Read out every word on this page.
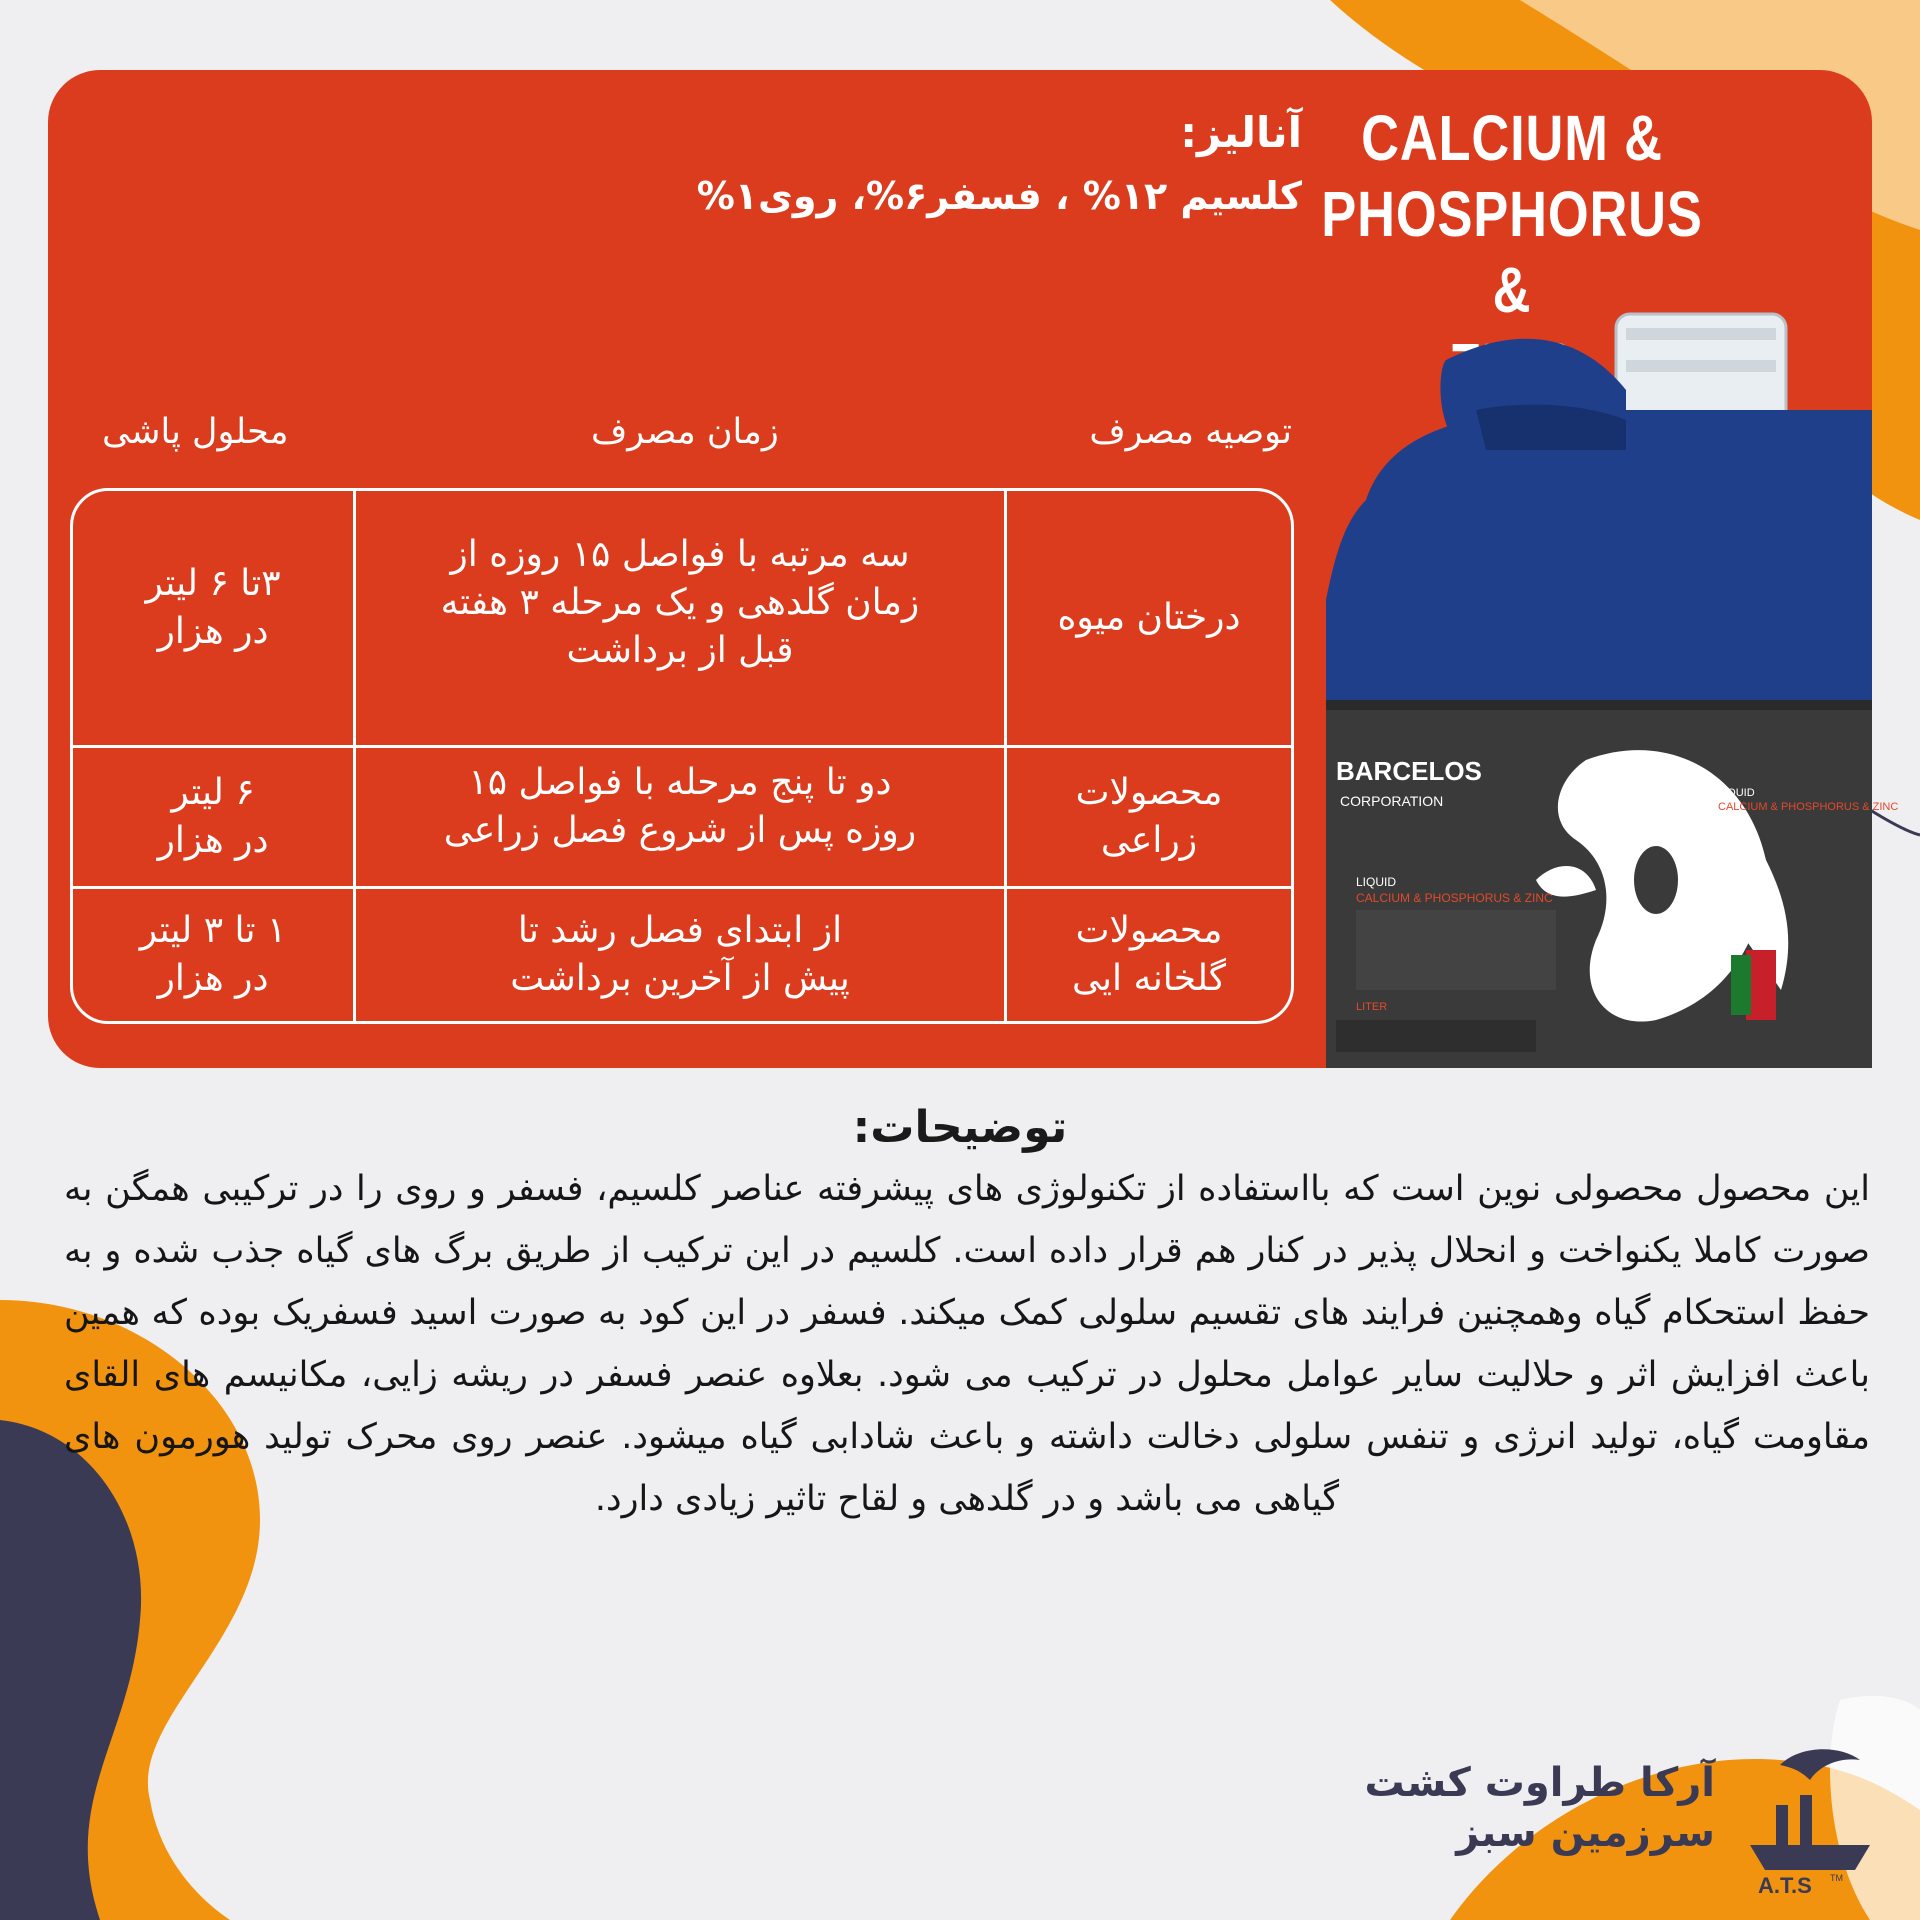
CALCIUM &
PHOSPHORUS &
آنالیز:
کلسیم ۱۲% ، فسفر۶%، روی۱%
توصیه مصرف
زمان مصرف
محلول پاشی
درختان میوه
سه مرتبه با فواصل ۱۵ روزه از زمان گلدهی و یک مرحله ۳ هفته قبل از برداشت
۳تا ۶ لیتر
در هزار
محصولات زراعی
دو تا پنج مرحله با فواصل ۱۵ روزه پس از شروع فصل زراعی
۶ لیتر
در هزار
محصولات گلخانه ایی
از ابتدای فصل رشد تا پیش از آخرین برداشت
۱ تا ۳ لیتر
در هزار
BARCELOS
CORPORATION
LIQUID
CALCIUM & PHOSPHORUS & ZINC
LITER
LIQUID
CALCIUM & PHOSPHORUS & ZINC
توضیحات:
این محصول محصولی نوین است که بااستفاده از تکنولوژی های پیشرفته عناصر کلسیم، فسفر و روی را در ترکیبی همگن به صورت کاملا یکنواخت و انحلال پذیر در کنار هم قرار داده است. کلسیم در این ترکیب از طریق برگ های گیاه جذب شده و به حفظ استحکام گیاه وهمچنین فرایند های تقسیم سلولی کمک میکند. فسفر در این کود به صورت اسید فسفریک بوده که همین باعث افزایش اثر و حلالیت سایر عوامل محلول در ترکیب می شود. بعلاوه عنصر فسفر در ریشه زایی، مکانیسم های القای مقاومت گیاه، تولید انرژی و تنفس سلولی دخالت داشته و باعث شادابی گیاه میشود. عنصر روی محرک تولید هورمون های گیاهی می باشد و در گلدهی و لقاح تاثیر زیادی دارد.
آرکا طراوت کشت
سرزمین سبز
A.T.S TM
